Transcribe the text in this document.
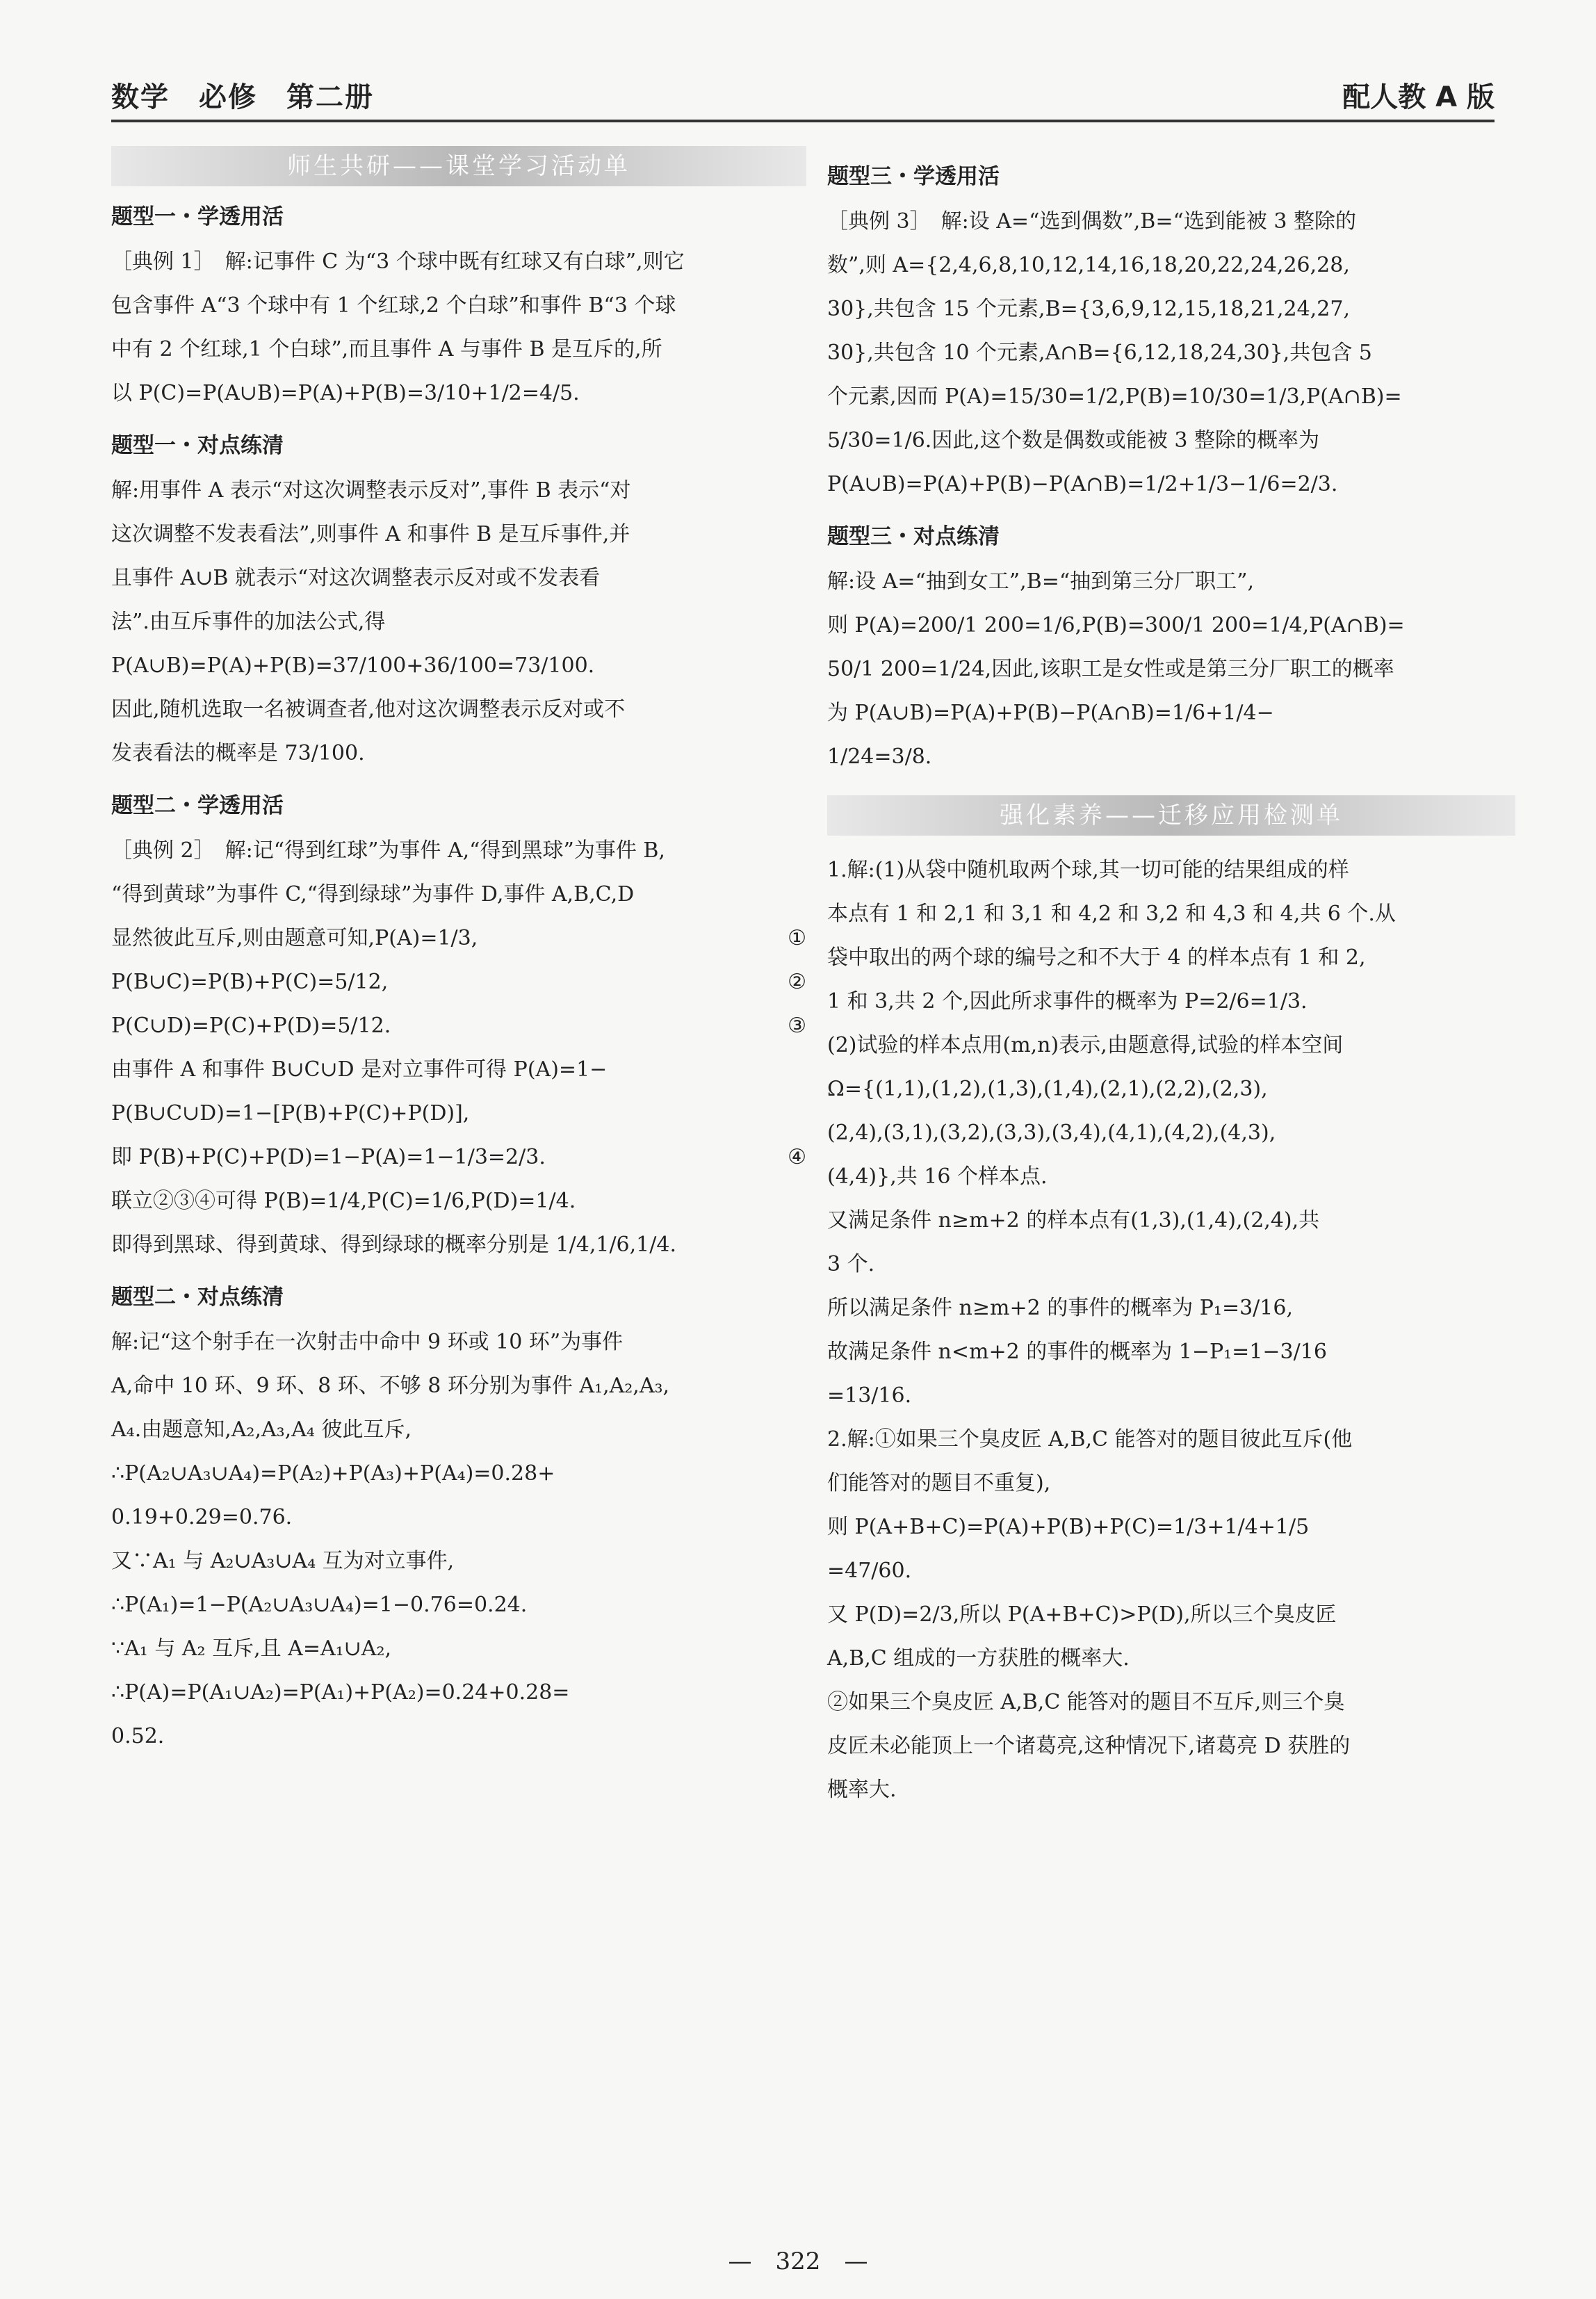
数学　必修　第二册	配人教 A 版
师生共研——课堂学习活动单
题型一・学透用活

［典例 1］　解:记事件 C 为“3 个球中既有红球又有白球”,则它

包含事件 A“3 个球中有 1 个红球,2 个白球”和事件 B“3 个球

中有 2 个红球,1 个白球”,而且事件 A 与事件 B 是互斥的,所

以 P(C)=P(A∪B)=P(A)+P(B)=3/10+1/2=4/5.

题型一・对点练清

解:用事件 A 表示“对这次调整表示反对”,事件 B 表示“对

这次调整不发表看法”,则事件 A 和事件 B 是互斥事件,并

且事件 A∪B 就表示“对这次调整表示反对或不发表看

法”.由互斥事件的加法公式,得

P(A∪B)=P(A)+P(B)=37/100+36/100=73/100.

因此,随机选取一名被调查者,他对这次调整表示反对或不

发表看法的概率是 73/100.

题型二・学透用活

［典例 2］　解:记“得到红球”为事件 A,“得到黑球”为事件 B,

“得到黄球”为事件 C,“得到绿球”为事件 D,事件 A,B,C,D

显然彼此互斥,则由题意可知,P(A)=1/3,	①

P(B∪C)=P(B)+P(C)=5/12,	②

P(C∪D)=P(C)+P(D)=5/12.	③

由事件 A 和事件 B∪C∪D 是对立事件可得 P(A)=1−

P(B∪C∪D)=1−[P(B)+P(C)+P(D)],

即 P(B)+P(C)+P(D)=1−P(A)=1−1/3=2/3.	④

联立②③④可得 P(B)=1/4,P(C)=1/6,P(D)=1/4.

即得到黑球、得到黄球、得到绿球的概率分别是 1/4,1/6,1/4.

题型二・对点练清

解:记“这个射手在一次射击中命中 9 环或 10 环”为事件

A,命中 10 环、9 环、8 环、不够 8 环分别为事件 A₁,A₂,A₃,

A₄.由题意知,A₂,A₃,A₄ 彼此互斥,

∴P(A₂∪A₃∪A₄)=P(A₂)+P(A₃)+P(A₄)=0.28+

0.19+0.29=0.76.

又∵A₁ 与 A₂∪A₃∪A₄ 互为对立事件,

∴P(A₁)=1−P(A₂∪A₃∪A₄)=1−0.76=0.24.

∵A₁ 与 A₂ 互斥,且 A=A₁∪A₂,

∴P(A)=P(A₁∪A₂)=P(A₁)+P(A₂)=0.24+0.28=

0.52.

题型三・学透用活

［典例 3］　解:设 A=“选到偶数”,B=“选到能被 3 整除的

数”,则 A={2,4,6,8,10,12,14,16,18,20,22,24,26,28,

30},共包含 15 个元素,B={3,6,9,12,15,18,21,24,27,

30},共包含 10 个元素,A∩B={6,12,18,24,30},共包含 5

个元素,因而 P(A)=15/30=1/2,P(B)=10/30=1/3,P(A∩B)=

5/30=1/6.因此,这个数是偶数或能被 3 整除的概率为

P(A∪B)=P(A)+P(B)−P(A∩B)=1/2+1/3−1/6=2/3.

题型三・对点练清

解:设 A=“抽到女工”,B=“抽到第三分厂职工”,

则 P(A)=200/1 200=1/6,P(B)=300/1 200=1/4,P(A∩B)=

50/1 200=1/24,因此,该职工是女性或是第三分厂职工的概率

为 P(A∪B)=P(A)+P(B)−P(A∩B)=1/6+1/4−

1/24=3/8.

强化素养——迁移应用检测单

1.解:(1)从袋中随机取两个球,其一切可能的结果组成的样

本点有 1 和 2,1 和 3,1 和 4,2 和 3,2 和 4,3 和 4,共 6 个.从

袋中取出的两个球的编号之和不大于 4 的样本点有 1 和 2,

1 和 3,共 2 个,因此所求事件的概率为 P=2/6=1/3.

(2)试验的样本点用(m,n)表示,由题意得,试验的样本空间

Ω={(1,1),(1,2),(1,3),(1,4),(2,1),(2,2),(2,3),

(2,4),(3,1),(3,2),(3,3),(3,4),(4,1),(4,2),(4,3),

(4,4)},共 16 个样本点.

又满足条件 n≥m+2 的样本点有(1,3),(1,4),(2,4),共

3 个.

所以满足条件 n≥m+2 的事件的概率为 P₁=3/16,

故满足条件 n<m+2 的事件的概率为 1−P₁=1−3/16

=13/16.

2.解:①如果三个臭皮匠 A,B,C 能答对的题目彼此互斥(他

们能答对的题目不重复),

则 P(A+B+C)=P(A)+P(B)+P(C)=1/3+1/4+1/5

=47/60.

又 P(D)=2/3,所以 P(A+B+C)>P(D),所以三个臭皮匠

A,B,C 组成的一方获胜的概率大.

②如果三个臭皮匠 A,B,C 能答对的题目不互斥,则三个臭

皮匠未必能顶上一个诸葛亮,这种情况下,诸葛亮 D 获胜的

概率大.

—　322　—
